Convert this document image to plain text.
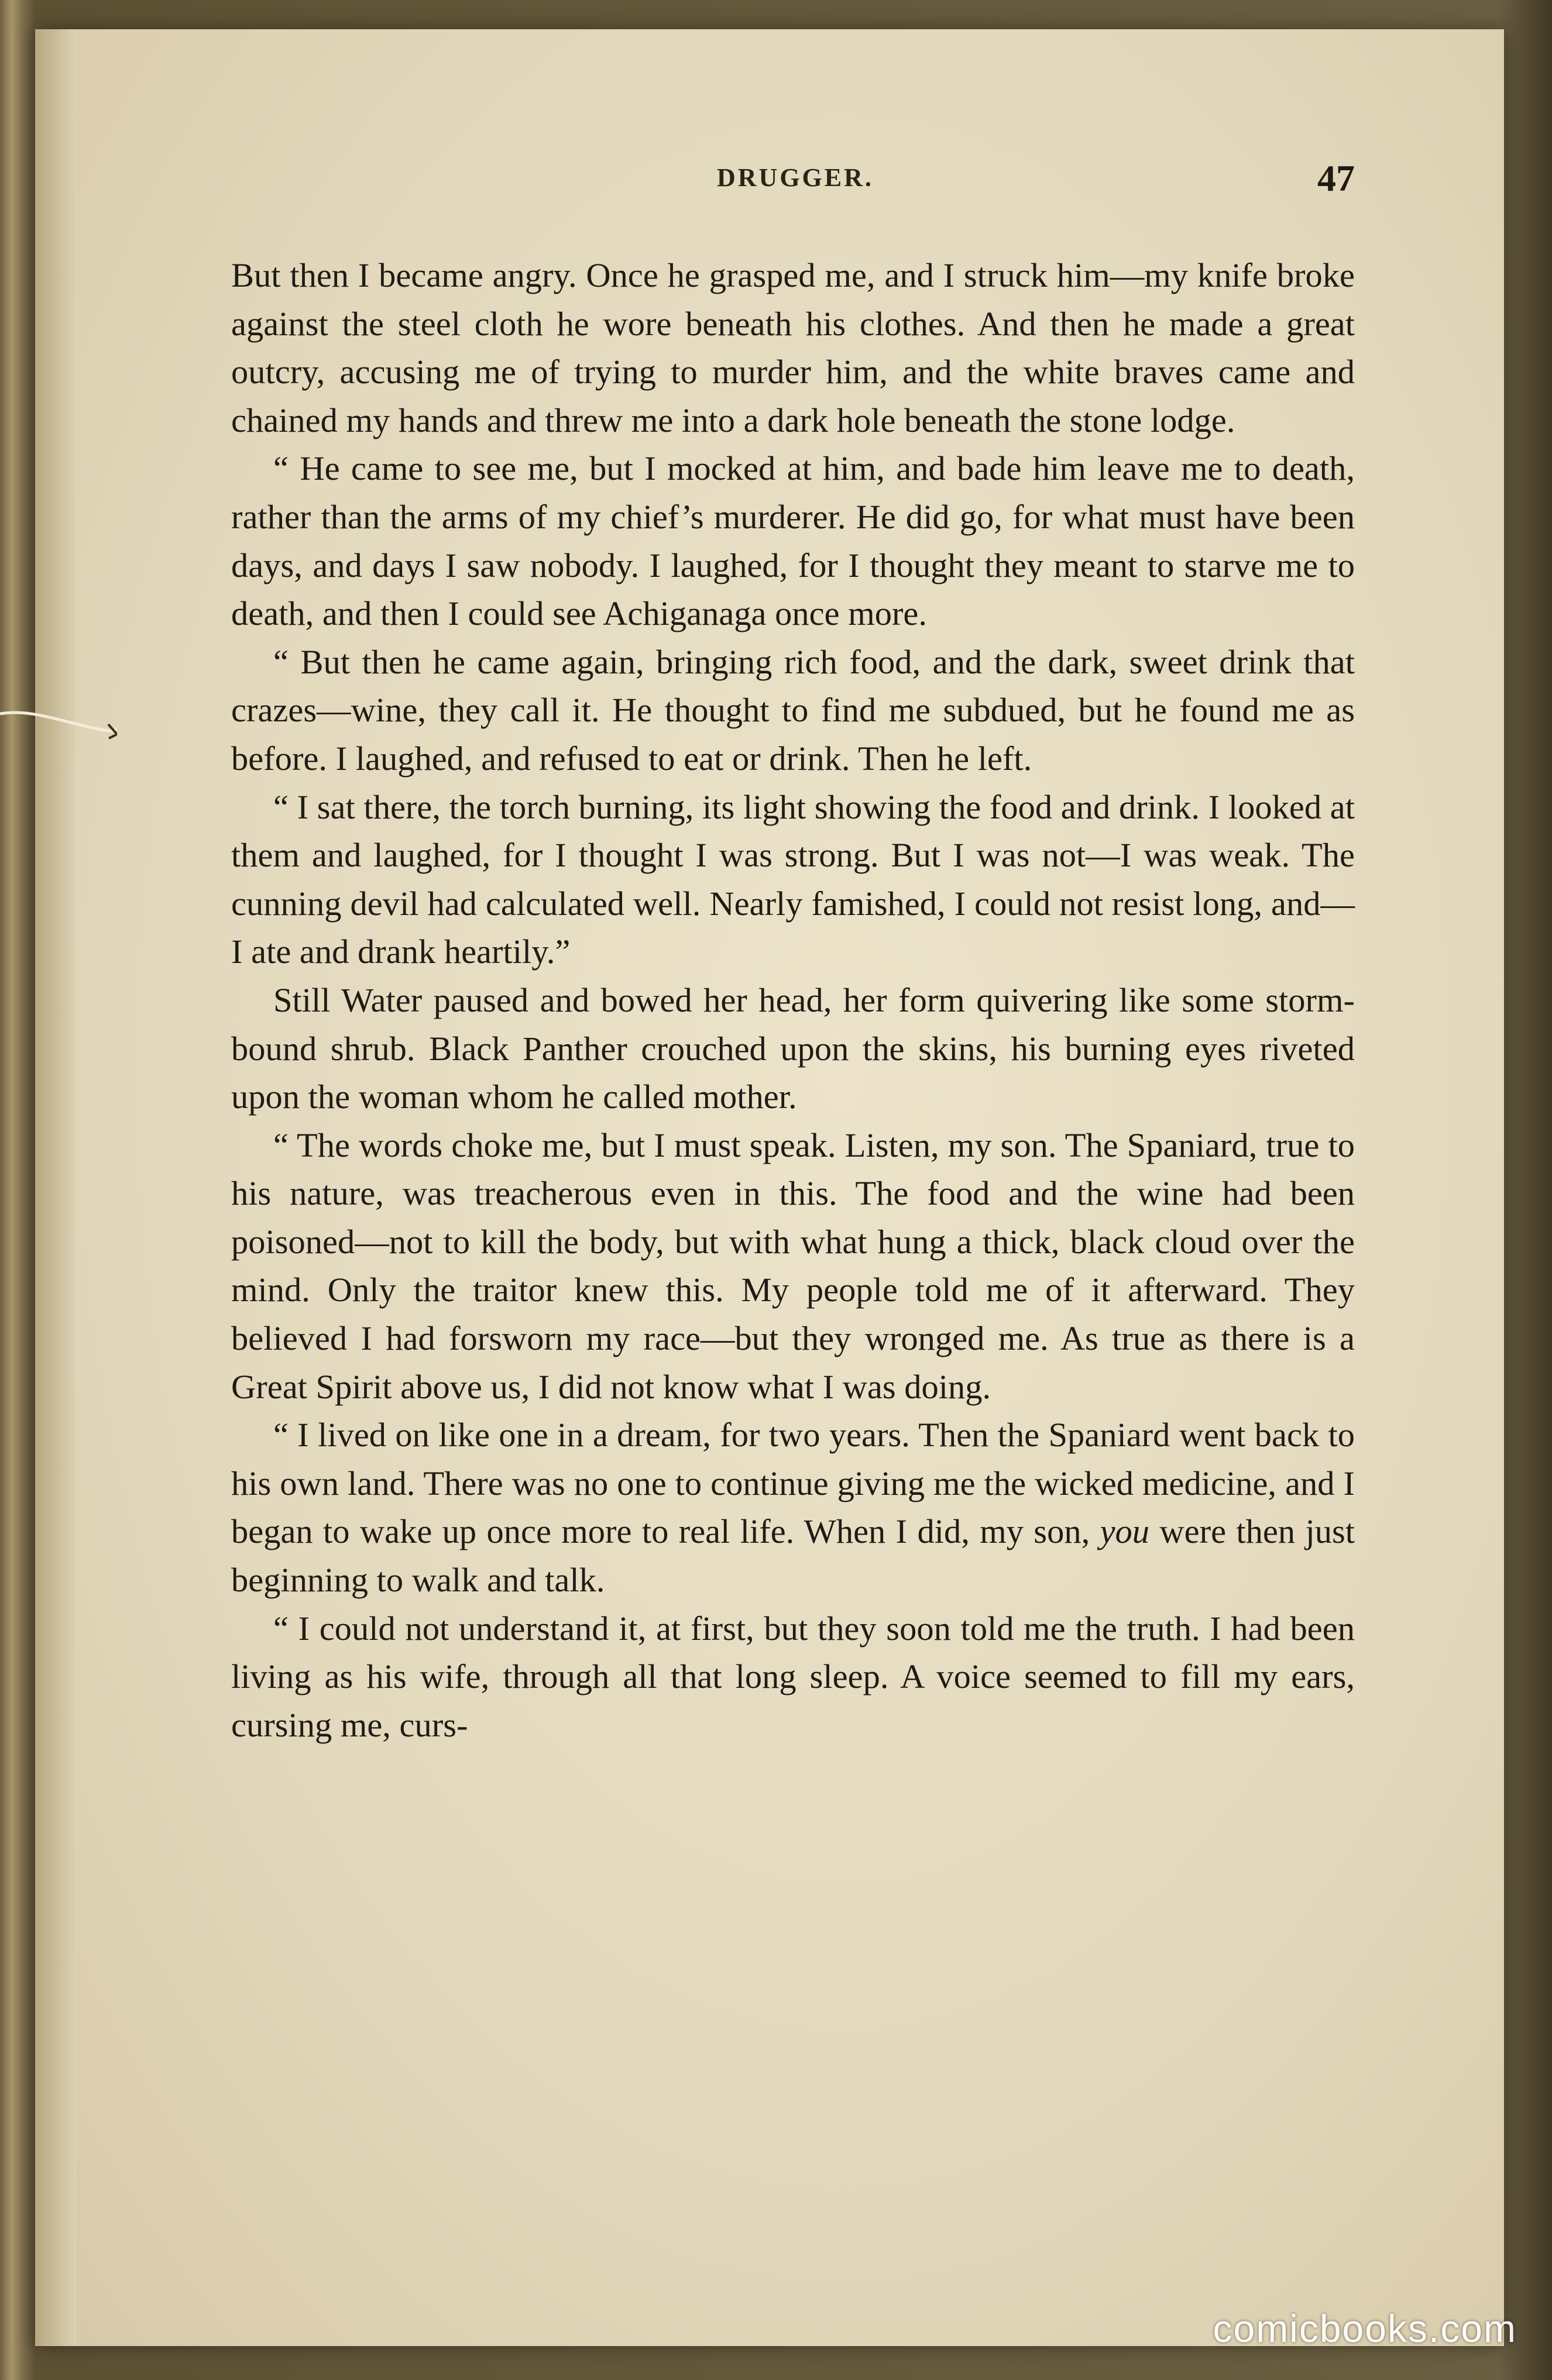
DRUGGER.	47

But then I became angry. Once he grasped me, and I struck him—my knife broke against the steel cloth he wore beneath his clothes. And then he made a great outcry, accusing me of trying to murder him, and the white braves came and chained my hands and threw me into a dark hole beneath the stone lodge.

“ He came to see me, but I mocked at him, and bade him leave me to death, rather than the arms of my chief’s murderer. He did go, for what must have been days, and days I saw nobody. I laughed, for I thought they meant to starve me to death, and then I could see Achiganaga once more.

“ But then he came again, bringing rich food, and the dark, sweet drink that crazes—wine, they call it. He thought to find me subdued, but he found me as before. I laughed, and refused to eat or drink. Then he left.

“ I sat there, the torch burning, its light showing the food and drink. I looked at them and laughed, for I thought I was strong. But I was not—I was weak. The cunning devil had calculated well. Nearly famished, I could not resist long, and—I ate and drank heartily.”

Still Water paused and bowed her head, her form quivering like some storm-bound shrub. Black Panther crouched upon the skins, his burning eyes riveted upon the woman whom he called mother.

“ The words choke me, but I must speak. Listen, my son. The Spaniard, true to his nature, was treacherous even in this. The food and the wine had been poisoned—not to kill the body, but with what hung a thick, black cloud over the mind. Only the traitor knew this. My people told me of it afterward. They believed I had forsworn my race—but they wronged me. As true as there is a Great Spirit above us, I did not know what I was doing.

“ I lived on like one in a dream, for two years. Then the Spaniard went back to his own land. There was no one to continue giving me the wicked medicine, and I began to wake up once more to real life. When I did, my son, you were then just beginning to walk and talk.

“ I could not understand it, at first, but they soon told me the truth. I had been living as his wife, through all that long sleep. A voice seemed to fill my ears, cursing me, curs-

comicbooks.com
